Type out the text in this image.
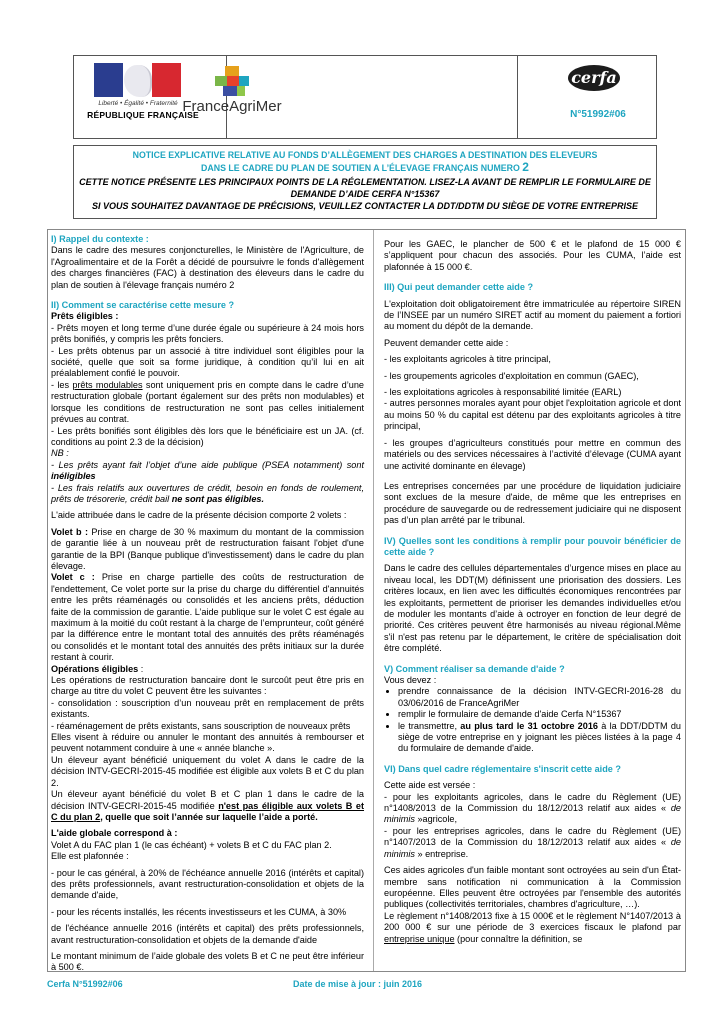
Liberté • Égalité • Fraternité
RÉPUBLIQUE FRANÇAISE
FranceAgriMer
cerfa
N°51992#06
NOTICE EXPLICATIVE RELATIVE AU FONDS D’ALLÈGEMENT DES CHARGES A DESTINATION DES ELEVEURS
DANS LE CADRE DU PLAN DE SOUTIEN A L’ÉLEVAGE FRANÇAIS NUMERO 2
CETTE NOTICE PRÉSENTE LES PRINCIPAUX POINTS DE LA RÉGLEMENTATION. LISEZ-LA AVANT DE REMPLIR LE FORMULAIRE DE DEMANDE D’AIDE CERFA N°15367
SI VOUS SOUHAITEZ DAVANTAGE DE PRÉCISIONS, VEUILLEZ CONTACTER LA DDT/DDTM DU SIÈGE DE VOTRE ENTREPRISE

I) Rappel du contexte :

Dans le cadre des mesures conjoncturelles, le Ministère de l'Agriculture, de l'Agroalimentaire et de la Forêt a décidé de poursuivre le fonds d'allègement des charges financières (FAC) à destination des éleveurs dans le cadre du plan de soutien à l'élevage français numéro 2

II) Comment se caractérise cette mesure ?

Prêts éligibles :

- Prêts moyen et long terme d’une durée égale ou supérieure à 24 mois hors prêts bonifiés, y compris les prêts fonciers.

- Les prêts obtenus par un associé à titre individuel sont éligibles pour la société, quelle que soit sa forme juridique, à condition qu’il lui en ait préalablement confié le pouvoir.

- les prêts modulables sont uniquement pris en compte dans le cadre d’une restructuration globale (portant également sur des prêts non modulables) et lorsque les conditions de restructuration ne sont pas celles initialement prévues au contrat.

- Les prêts bonifiés sont éligibles dès lors que le bénéficiaire est un JA. (cf. conditions au point 2.3 de la décision)

NB :

- Les prêts ayant fait l’objet d’une aide publique (PSEA notamment) sont inéligibles

- Les frais relatifs aux ouvertures de crédit, besoin en fonds de roulement, prêts de trésorerie, crédit bail ne sont pas éligibles.

L'aide attribuée dans le cadre de la présente décision comporte 2 volets :

Volet b : Prise en charge de 30 % maximum du montant de la commission de garantie liée à un nouveau prêt de restructuration faisant l'objet d'une garantie de la BPI (Banque publique d'investissement) dans le cadre du plan élevage.

Volet c : Prise en charge partielle des coûts de restructuration de l'endettement, Ce volet porte sur la prise du charge du différentiel d'annuités entre les prêts réaménagés ou consolidés et les anciens prêts, déduction faite de la commission de garantie. L’aide publique sur le volet C est égale au maximum à la moitié du coût restant à la charge de l’emprunteur, coût généré par la différence entre le montant total des annuités des prêts réaménagés ou consolidés et le montant total des annuités des prêts initiaux sur la durée restant à courir.

Opérations éligibles :

Les opérations de restructuration bancaire dont le surcoût peut être pris en charge au titre du volet C peuvent être les suivantes :

- consolidation : souscription d’un nouveau prêt en remplacement de prêts existants.

- réaménagement de prêts existants, sans souscription de nouveaux prêts

Elles visent à réduire ou annuler le montant des annuités à rembourser et peuvent notamment conduire à une « année blanche ».

Un éleveur ayant bénéficié uniquement du volet A dans le cadre de la décision INTV-GECRI-2015-45 modifiée est éligible aux volets B et C du plan 2.

Un éleveur ayant bénéficié du volet B et C plan 1 dans le cadre de la décision INTV-GECRI-2015-45 modifiée n'est pas éligible aux volets B et C du plan 2, quelle que soit l’année sur laquelle l’aide a porté.

L'aide globale correspond à :

Volet A du FAC plan 1 (le cas échéant) + volets B et C du FAC plan 2.

Elle est plafonnée :

- pour le cas général, à 20% de l'échéance annuelle 2016 (intérêts et capital) des prêts professionnels, avant restructuration-consolidation et objets de la demande d'aide,

- pour les récents installés, les récents investisseurs et les CUMA, à 30%

de l'échéance annuelle 2016 (intérêts et capital) des prêts professionnels, avant restructuration-consolidation et objets de la demande d'aide

Le montant minimum de l’aide globale des volets B et C ne peut être inférieur à 500 €.

Pour les GAEC, le plancher de 500 € et le plafond de 15 000 € s’appliquent pour chacun des associés. Pour les CUMA, l’aide est plafonnée à 15 000 €.

III) Qui peut demander cette aide ?

L'exploitation doit obligatoirement être immatriculée au répertoire SIREN de l’INSEE par un numéro SIRET actif au moment du paiement a fortiori au moment du dépôt de la demande.

Peuvent demander cette aide :

- les exploitants agricoles à titre principal,

- les groupements agricoles d'exploitation en commun (GAEC),

- les exploitations agricoles à responsabilité limitée (EARL)

- autres personnes morales ayant pour objet l'exploitation agricole et dont au moins 50 % du capital est détenu par des exploitants agricoles à titre principal,

- les groupes d’agriculteurs constitués pour mettre en commun des matériels ou des services nécessaires à l’activité d’élevage (CUMA ayant une activité dominante en élevage)

Les entreprises concernées par une procédure de liquidation judiciaire sont exclues de la mesure d'aide, de même que les entreprises en procédure de sauvegarde ou de redressement judiciaire qui ne disposent pas d’un plan arrêté par le tribunal.

IV) Quelles sont les conditions à remplir pour pouvoir bénéficier de cette aide ?

Dans le cadre des cellules départementales d’urgence mises en place au niveau local, les DDT(M) définissent une priorisation des dossiers. Les critères locaux, en lien avec les difficultés économiques rencontrées par les exploitants, permettent de prioriser les demandes individuelles et/ou de moduler les montants d’aide à octroyer en fonction de leur degré de priorité. Ces critères peuvent être harmonisés au niveau régional.Même s'il n'est pas retenu par le département, le critère de spécialisation doit être complété.

V) Comment réaliser sa demande d'aide ?

Vous devez :

• prendre connaissance de la décision INTV-GECRI-2016-28 du 03/06/2016 de FranceAgriMer
• remplir le formulaire de demande d'aide Cerfa N°15367
• le transmettre, au plus tard le 31 octobre 2016 à la DDT/DDTM du siège de votre entreprise en y joignant les pièces listées à la page 4 du formulaire de demande d'aide.

VI) Dans quel cadre réglementaire s'inscrit cette aide ?

Cette aide est versée :

- pour les exploitants agricoles, dans le cadre du Règlement (UE) n°1408/2013 de la Commission du 18/12/2013 relatif aux aides « de minimis »agricole,

- pour les entreprises agricoles, dans le cadre du Règlement (UE) n°1407/2013 de la Commission du 18/12/2013 relatif aux aides « de minimis » entreprise.

Ces aides agricoles d'un faible montant sont octroyées au sein d'un État-membre sans notification ni communication à la Commission européenne. Elles peuvent être octroyées par l'ensemble des autorités publiques (collectivités territoriales, chambres d'agriculture, …).

Le règlement n°1408/2013 fixe à 15 000€ et le règlement N°1407/2013 à 200 000 € sur une période de 3 exercices fiscaux le plafond par entreprise unique (pour connaître la définition, se

Cerfa N°51992#06	Date de mise à jour : juin 2016
